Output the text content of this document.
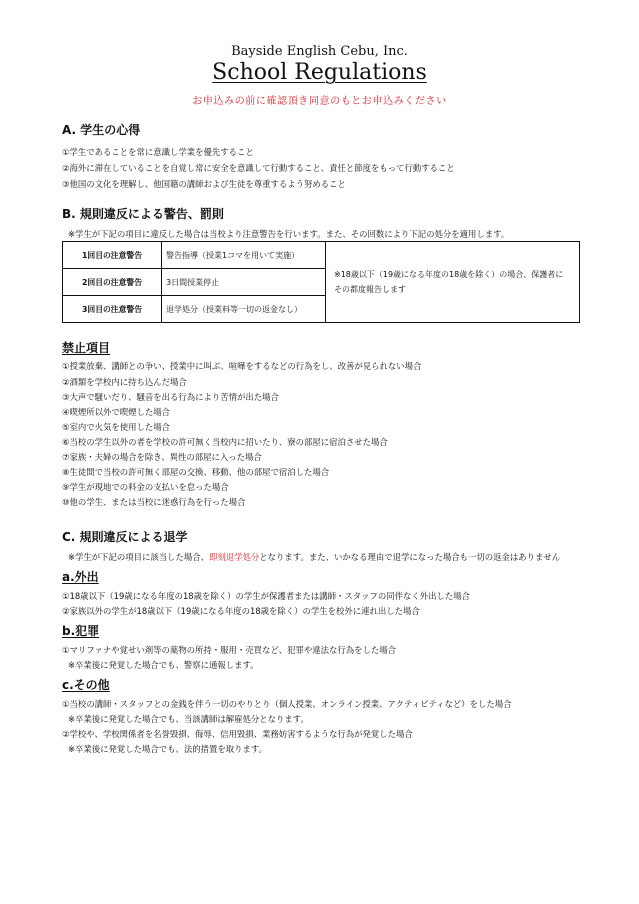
Bayside English Cebu, Inc.
School Regulations
お申込みの前に確認頂き同意のもとお申込みください
A. 学生の心得
①学生であることを常に意識し学業を優先すること
②海外に滞在していることを自覚し常に安全を意識して行動すること、責任と節度をもって行動すること
③他国の文化を理解し、他国籍の講師および生徒を尊重するよう努めること
B. 規則違反による警告、罰則
※学生が下記の項目に違反した場合は当校より注意警告を行います。また、その回数により下記の処分を適用します。
1回目の注意警告	警告指導（授業1コマを用いて実施）	※18歳以下（19歳になる年度の18歳を除く）の場合、保護者に
その都度報告します

2回目の注意警告	3日間授業停止	
3回目の注意警告	退学処分（授業料等一切の返金なし）	
禁止項目
①授業放棄、講師との争い、授業中に叫ぶ、喧嘩をするなどの行為をし、改善が見られない場合
②酒類を学校内に持ち込んだ場合
③大声で騒いだり、騒音を出る行為により苦情が出た場合
④喫煙所以外で喫煙した場合
⑤室内で火気を使用した場合
⑥当校の学生以外の者を学校の許可無く当校内に招いたり、寮の部屋に宿泊させた場合
⑦家族・夫婦の場合を除き、異性の部屋に入った場合
⑧生徒間で当校の許可無く部屋の交換、移動、他の部屋で宿泊した場合
⑨学生が現地での料金の支払いを怠った場合
⑩他の学生、または当校に迷惑行為を行った場合
C. 規則違反による退学
※学生が下記の項目に該当した場合、即刻退学処分となります。また、いかなる理由で退学になった場合も一切の返金はありません
a.外出
①18歳以下（19歳になる年度の18歳を除く）の学生が保護者または講師・スタッフの同伴なく外出した場合
②家族以外の学生が18歳以下（19歳になる年度の18歳を除く）の学生を校外に連れ出した場合
b.犯罪
①マリファナや覚せい剤等の薬物の所持・服用・売買など、犯罪や違法な行為をした場合
※卒業後に発覚した場合でも、警察に通報します。
c.その他
①当校の講師・スタッフとの金銭を伴う一切のやりとり（個人授業、オンライン授業、アクティビティなど）をした場合
※卒業後に発覚した場合でも、当該講師は解雇処分となります。
②学校や、学校関係者を名誉毀損、侮辱、信用毀損、業務妨害するような行為が発覚した場合
※卒業後に発覚した場合でも、法的措置を取ります。
